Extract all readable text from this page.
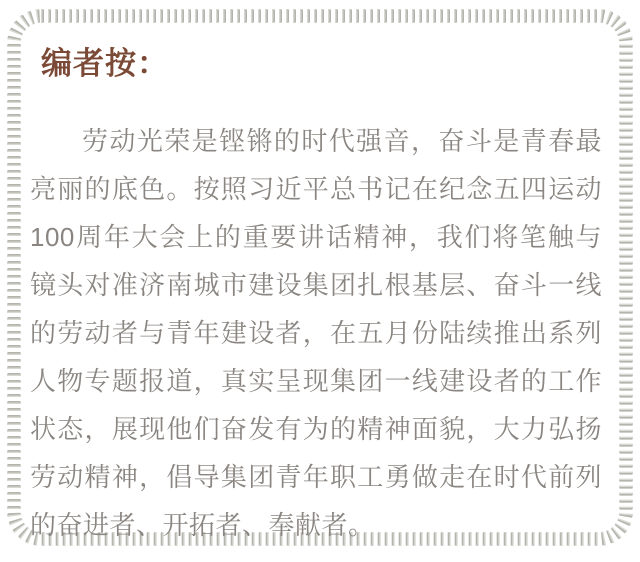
编者按：

劳动光荣是铿锵的时代强音，奋斗是青春最亮丽的底色。按照习近平总书记在纪念五四运动100周年大会上的重要讲话精神，我们将笔触与镜头对准济南城市建设集团扎根基层、奋斗一线的劳动者与青年建设者，在五月份陆续推出系列人物专题报道，真实呈现集团一线建设者的工作状态，展现他们奋发有为的精神面貌，大力弘扬劳动精神，倡导集团青年职工勇做走在时代前列的奋进者、开拓者、奉献者。
